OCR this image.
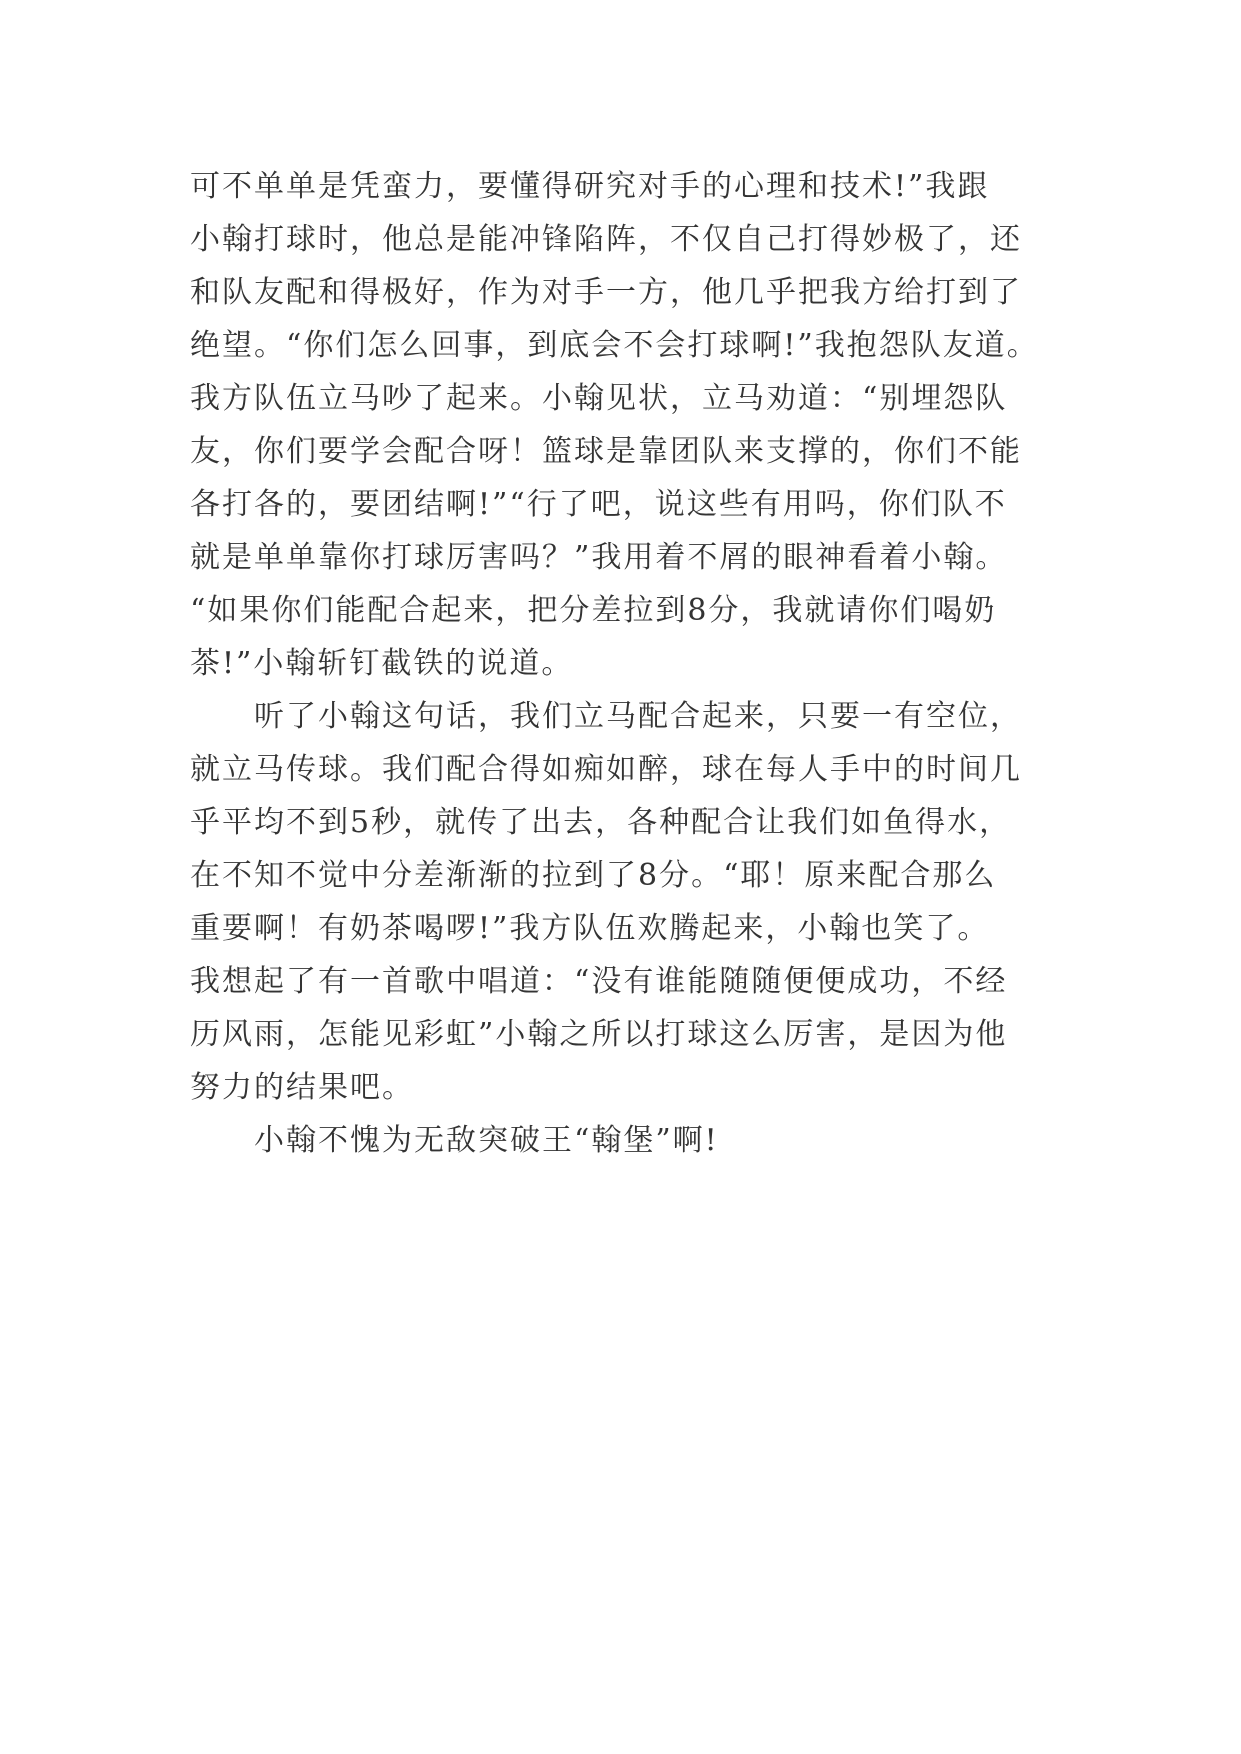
可不单单是凭蛮力，要懂得研究对手的心理和技术!”我跟
小翰打球时，他总是能冲锋陷阵，不仅自己打得妙极了，还
和队友配和得极好，作为对手一方，他几乎把我方给打到了
绝望。“你们怎么回事，到底会不会打球啊!”我抱怨队友道。
我方队伍立马吵了起来。小翰见状，立马劝道：“别埋怨队
友，你们要学会配合呀！篮球是靠团队来支撑的，你们不能
各打各的，要团结啊!”“行了吧，说这些有用吗，你们队不
就是单单靠你打球厉害吗？”我用着不屑的眼神看着小翰。
“如果你们能配合起来，把分差拉到8分，我就请你们喝奶
茶!”小翰斩钉截铁的说道。
听了小翰这句话，我们立马配合起来，只要一有空位，
就立马传球。我们配合得如痴如醉，球在每人手中的时间几
乎平均不到5秒，就传了出去，各种配合让我们如鱼得水，
在不知不觉中分差渐渐的拉到了8分。“耶！原来配合那么
重要啊！有奶茶喝啰!”我方队伍欢腾起来，小翰也笑了。
我想起了有一首歌中唱道：“没有谁能随随便便成功，不经
历风雨，怎能见彩虹”小翰之所以打球这么厉害，是因为他
努力的结果吧。
小翰不愧为无敌突破王“翰堡”啊!
